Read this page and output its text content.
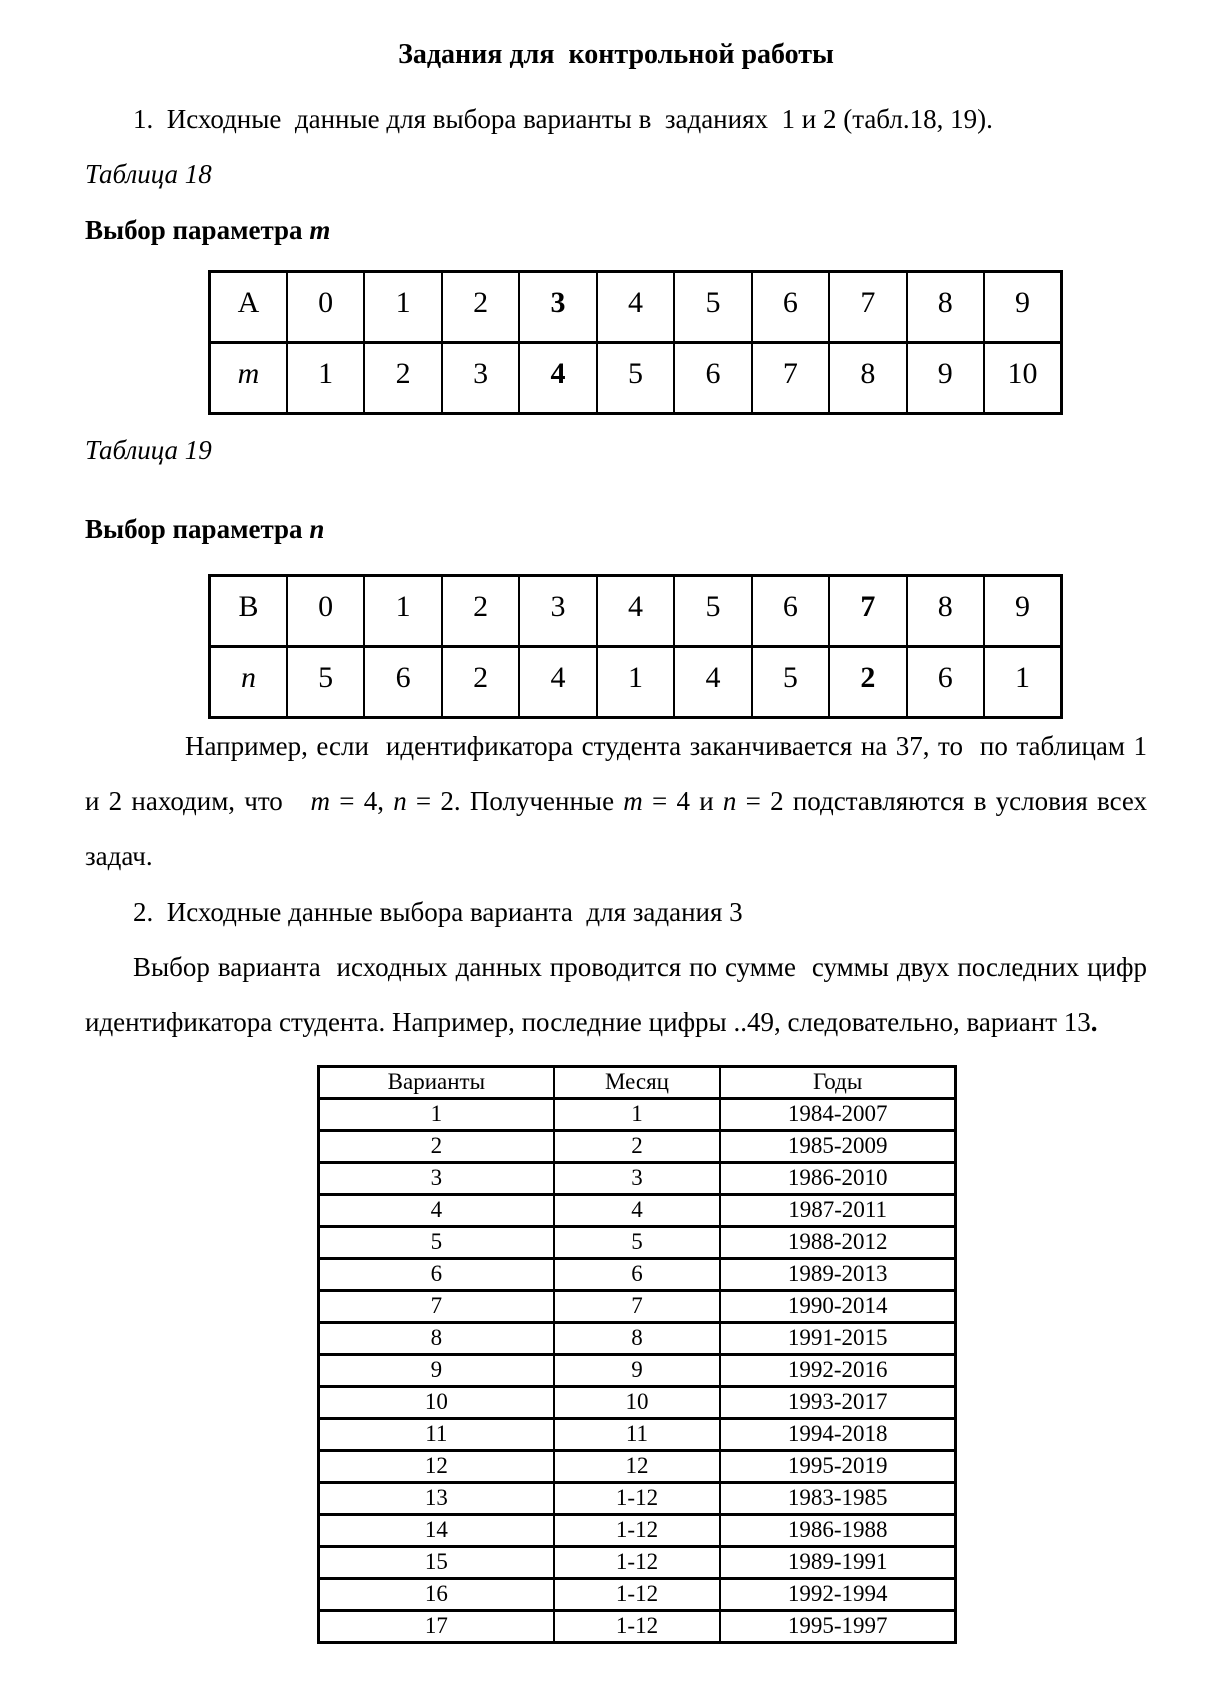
Задания для  контрольной работы

1.  Исходные  данные для выбора варианты в  заданиях  1 и 2 (табл.18, 19).

Таблица 18

Выбор параметра m

А	0	1	2	3	4	5	6	7	8	9
m	1	2	3	4	5	6	7	8	9	10

Таблица 19

Выбор параметра n

В	0	1	2	3	4	5	6	7	8	9
n	5	6	2	4	1	4	5	2	6	1

Например, если  идентификатора студента заканчивается на 37, то  по таблицам 1 и 2 находим, что   m = 4, n = 2. Полученные m = 4 и n = 2 подставляются в условия всех задач.

2.  Исходные данные выбора варианта  для задания 3

Выбор варианта  исходных данных проводится по сумме  суммы двух последних цифр идентификатора студента. Например, последние цифры ..49, следовательно, вариант 13.

Варианты	Месяц	Годы
1	1	1984-2007
2	2	1985-2009
3	3	1986-2010
4	4	1987-2011
5	5	1988-2012
6	6	1989-2013
7	7	1990-2014
8	8	1991-2015
9	9	1992-2016
10	10	1993-2017
11	11	1994-2018
12	12	1995-2019
13	1-12	1983-1985
14	1-12	1986-1988
15	1-12	1989-1991
16	1-12	1992-1994
17	1-12	1995-1997
